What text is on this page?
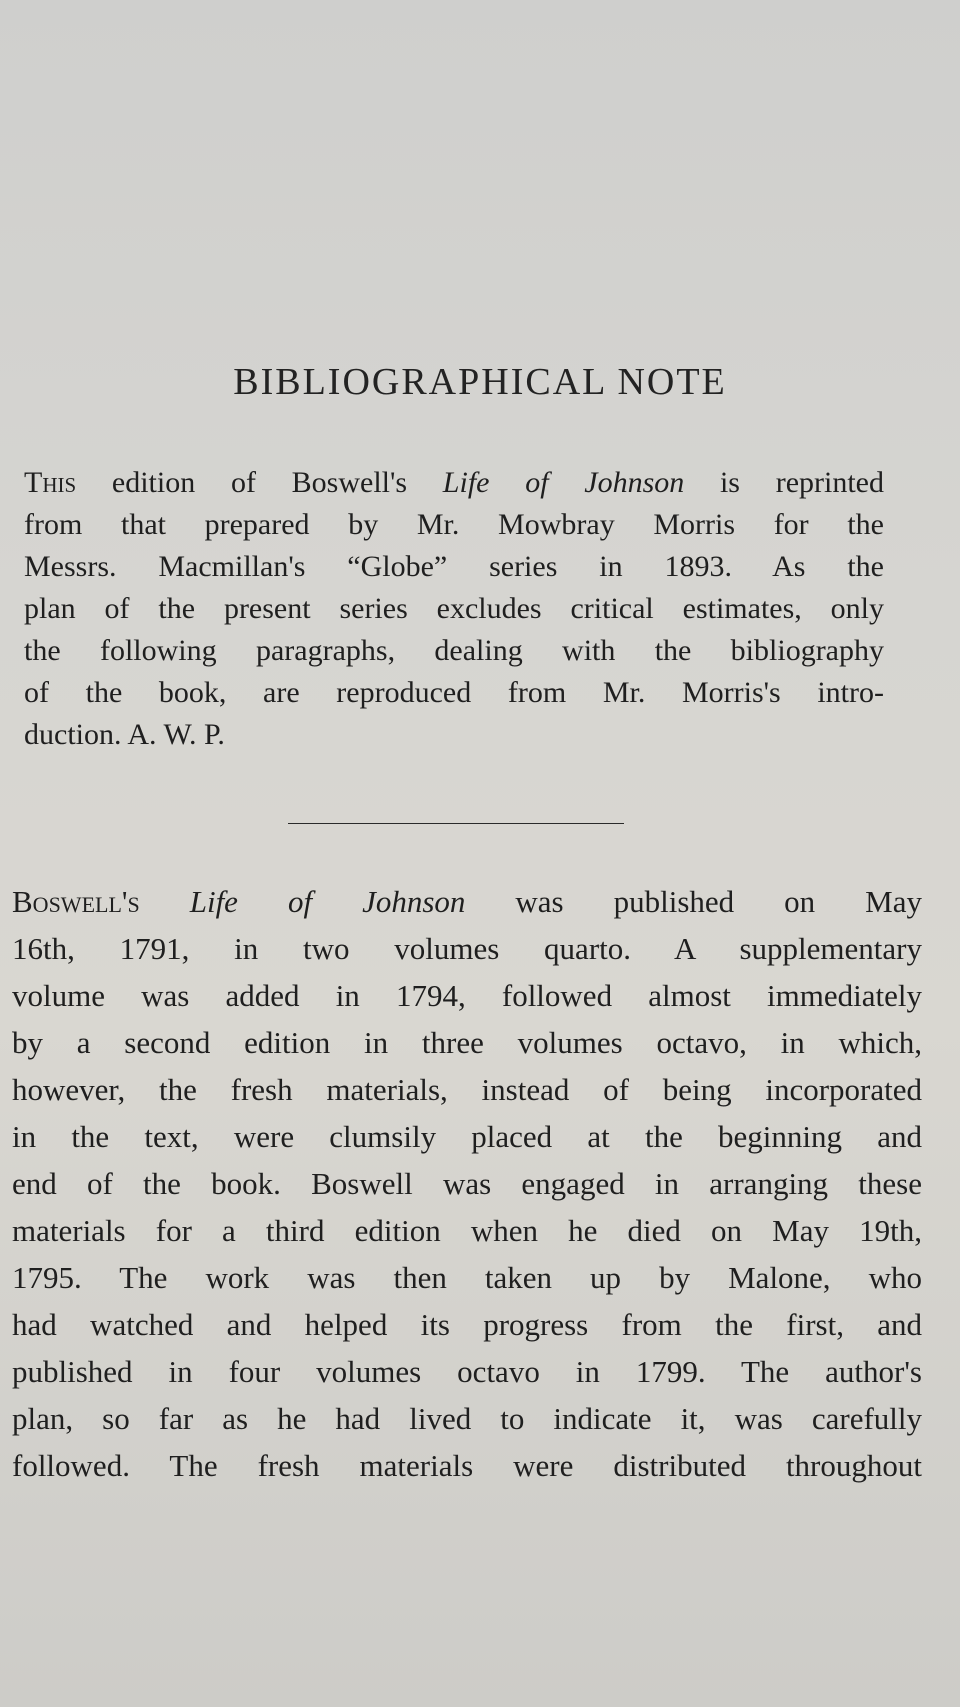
BIBLIOGRAPHICAL NOTE
This edition of Boswell's Life of Johnson is reprinted
from that prepared by Mr. Mowbray Morris for the
Messrs. Macmillan's “Globe” series in 1893. As the
plan of the present series excludes critical estimates, only
the following paragraphs, dealing with the bibliography
of the book, are reproduced from Mr. Morris's intro-
duction. A. W. P.
Boswell's Life of Johnson was published on May
16th, 1791, in two volumes quarto. A supplementary
volume was added in 1794, followed almost immediately
by a second edition in three volumes octavo, in which,
however, the fresh materials, instead of being incorporated
in the text, were clumsily placed at the beginning and
end of the book. Boswell was engaged in arranging these
materials for a third edition when he died on May 19th,
1795. The work was then taken up by Malone, who
had watched and helped its progress from the first, and
published in four volumes octavo in 1799. The author's
plan, so far as he had lived to indicate it, was carefully
followed. The fresh materials were distributed throughout
